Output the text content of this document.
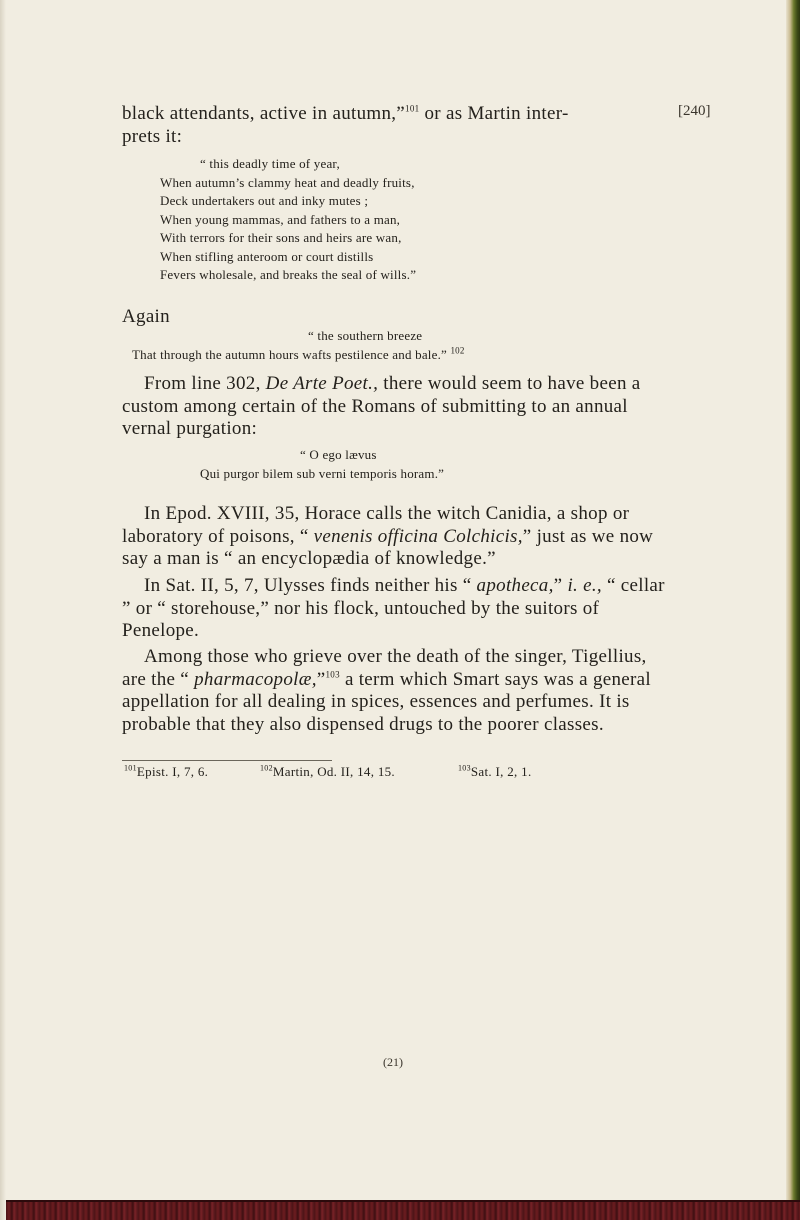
[240]
black attendants, active in autumn,”$^{101}$ or as Martin inter-
prets it:
“ this deadly time of year,
When autumn’s clammy heat and deadly fruits,
Deck undertakers out and inky mutes ;
When young mammas, and fathers to a man,
With terrors for their sons and heirs are wan,
When stifling anteroom or court distills
Fevers wholesale, and breaks the seal of wills.”
Again
“ the southern breeze
That through the autumn hours wafts pestilence and bale.” $^{102}$
From line 302, De Arte Poet., there would seem to have been a custom among certain of the Romans of submitting to an annual vernal purgation:
“ O ego lævus
Qui purgor bilem sub verni temporis horam.”
In Epod. XVIII, 35, Horace calls the witch Canidia, a shop or laboratory of poisons, “ venenis officina Colchicis,” just as we now say a man is “ an encyclopædia of knowledge.”
In Sat. II, 5, 7, Ulysses finds neither his “ apotheca,” i. e., “ cellar ” or “ storehouse,” nor his flock, untouched by the suitors of Penelope.
Among those who grieve over the death of the singer, Tigellius, are the “ pharmacopolæ,”$^{103}$ a term which Smart says was a general appellation for all dealing in spices, essences and perfumes. It is probable that they also dispensed drugs to the poorer classes.
$^{101}$Epist. I, 7, 6.	$^{102}$Martin, Od. II, 14, 15.	$^{103}$Sat. I, 2, 1.
(21)
